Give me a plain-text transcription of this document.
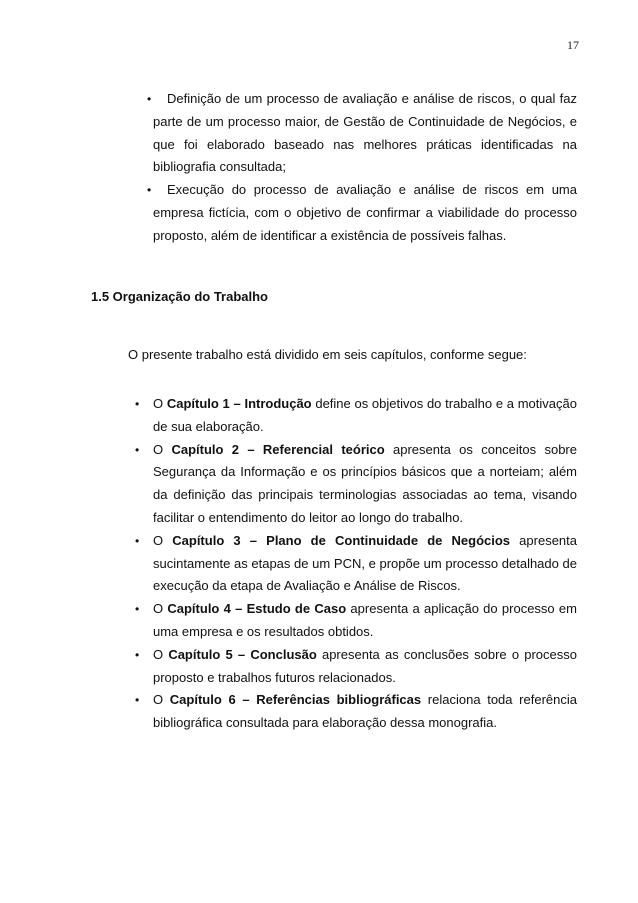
17
• Definição de um processo de avaliação e análise de riscos, o qual faz parte de um processo maior, de Gestão de Continuidade de Negócios, e que foi elaborado baseado nas melhores práticas identificadas na bibliografia consultada;
• Execução do processo de avaliação e análise de riscos em uma empresa fictícia, com o objetivo de confirmar a viabilidade do processo proposto, além de identificar a existência de possíveis falhas.
1.5 Organização do Trabalho
O presente trabalho está dividido em seis capítulos, conforme segue:
• O Capítulo 1 – Introdução define os objetivos do trabalho e a motivação de sua elaboração.
• O Capítulo 2 – Referencial teórico apresenta os conceitos sobre Segurança da Informação e os princípios básicos que a norteiam; além da definição das principais terminologias associadas ao tema, visando facilitar o entendimento do leitor ao longo do trabalho.
• O Capítulo 3 – Plano de Continuidade de Negócios apresenta sucintamente as etapas de um PCN, e propõe um processo detalhado de execução da etapa de Avaliação e Análise de Riscos.
• O Capítulo 4 – Estudo de Caso apresenta a aplicação do processo em uma empresa e os resultados obtidos.
• O Capítulo 5 – Conclusão apresenta as conclusões sobre o processo proposto e trabalhos futuros relacionados.
• O Capítulo 6 – Referências bibliográficas relaciona toda referência bibliográfica consultada para elaboração dessa monografia.
